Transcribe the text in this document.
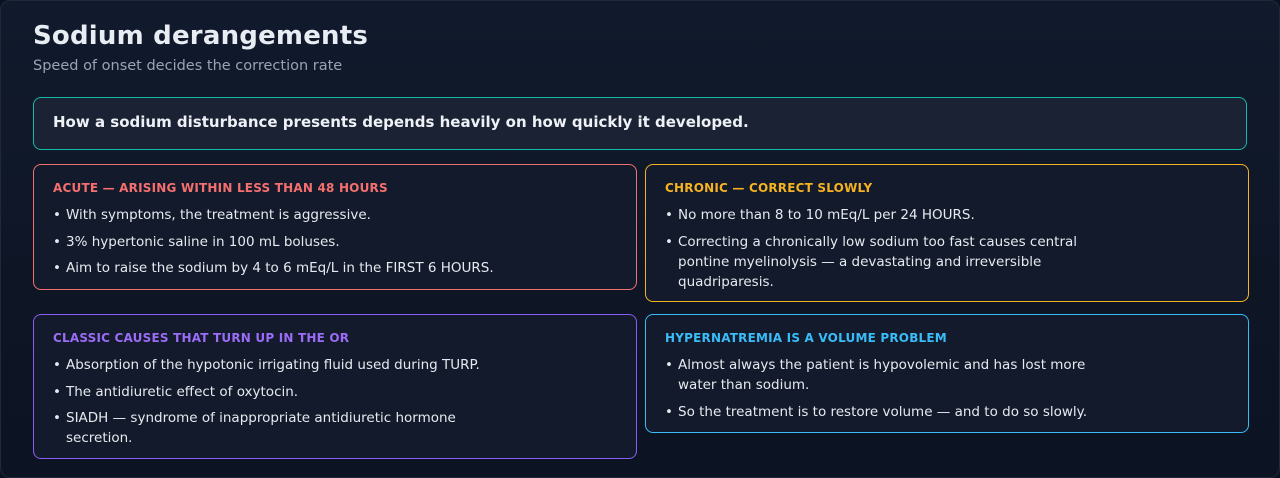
Sodium derangements

Speed of onset decides the correction rate

How a sodium disturbance presents depends heavily on how quickly it developed.
ACUTE — ARISING WITHIN LESS THAN 48 HOURS
• With symptoms, the treatment is aggressive.
• 3% hypertonic saline in 100 mL boluses.
• Aim to raise the sodium by 4 to 6 mEq/L in the FIRST 6 HOURS.
CHRONIC — CORRECT SLOWLY
• No more than 8 to 10 mEq/L per 24 HOURS.
• Correcting a chronically low sodium too fast causes central pontine myelinolysis — a devastating and irreversible quadriparesis.
CLASSIC CAUSES THAT TURN UP IN THE OR
• Absorption of the hypotonic irrigating fluid used during TURP.
• The antidiuretic effect of oxytocin.
• SIADH — syndrome of inappropriate antidiuretic hormone secretion.
HYPERNATREMIA IS A VOLUME PROBLEM
• Almost always the patient is hypovolemic and has lost more water than sodium.
• So the treatment is to restore volume — and to do so slowly.
